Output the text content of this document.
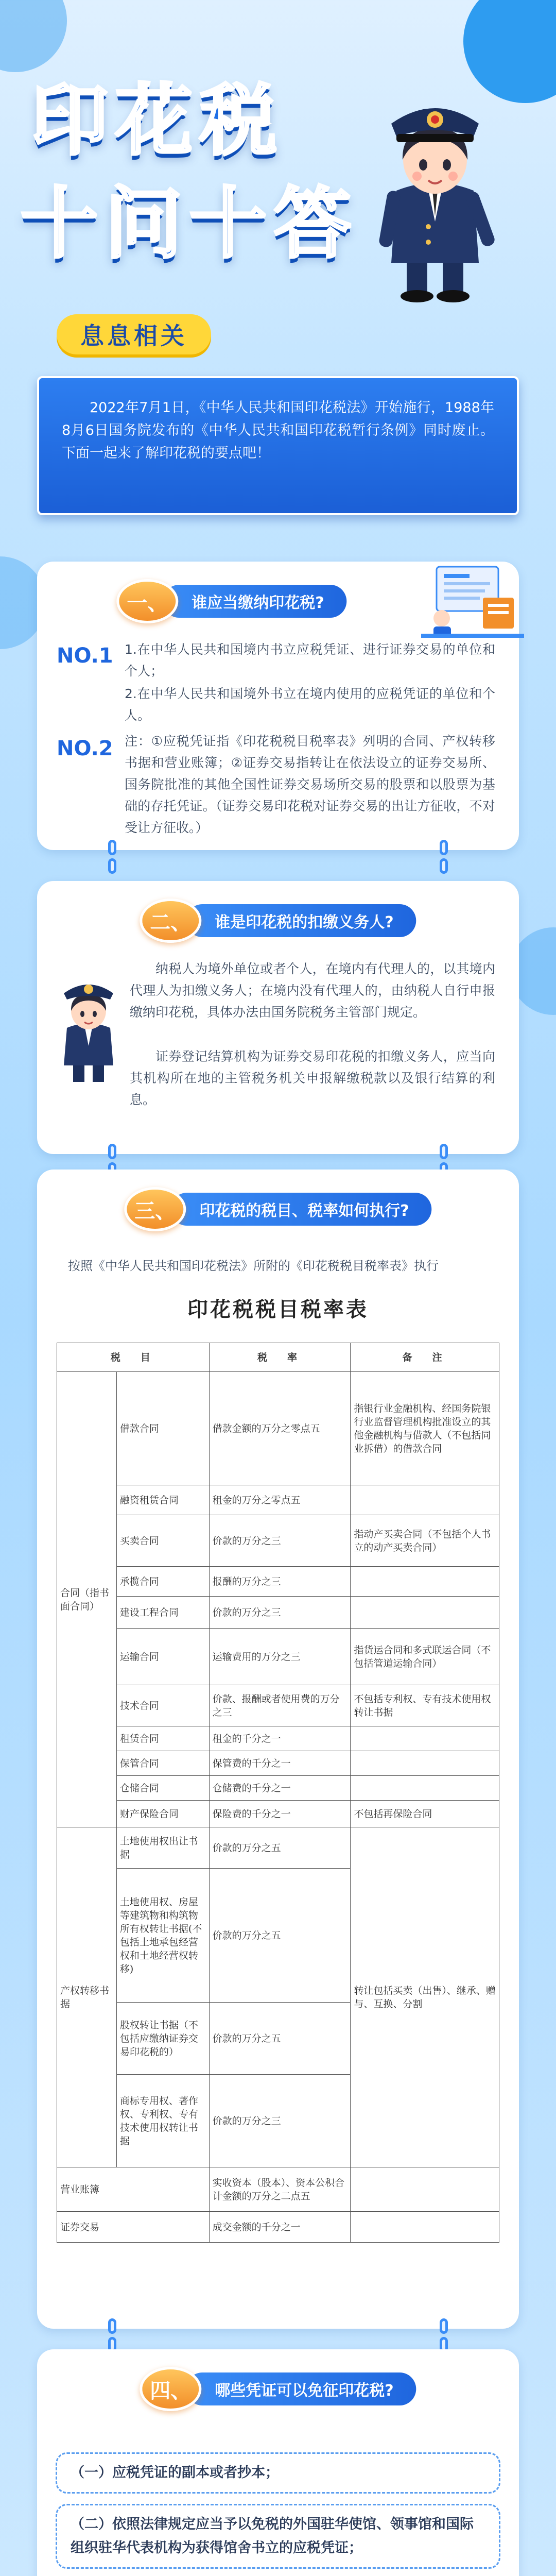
印花税
十问十答
息息相关
2022年7月1日，《中华人民共和国印花税法》开始施行，1988年8月6日国务院发布的《中华人民共和国印花税暂行条例》同时废止。下面一起来了解印花税的要点吧！
一、	谁应当缴纳印花税?
NO.1 1.在中华人民共和国境内书立应税凭证、进行证券交易的单位和个人；
2.在中华人民共和国境外书立在境内使用的应税凭证的单位和个人。
NO.2 注：①应税凭证指《印花税税目税率表》列明的合同、产权转移书据和营业账簿；②证券交易指转让在依法设立的证券交易所、国务院批准的其他全国性证券交易场所交易的股票和以股票为基础的存托凭证。（证券交易印花税对证券交易的出让方征收，不对受让方征收。）
二、	谁是印花税的扣缴义务人?
纳税人为境外单位或者个人，在境内有代理人的，以其境内代理人为扣缴义务人；在境内没有代理人的，由纳税人自行申报缴纳印花税，具体办法由国务院税务主管部门规定。
证券登记结算机构为证券交易印花税的扣缴义务人，应当向其机构所在地的主管税务机关申报解缴税款以及银行结算的利息。
三、	印花税的税目、税率如何执行?
按照《中华人民共和国印花税法》所附的《印花税税目税率表》执行
印花税税目税率表
税　目		税　率	备　注
合同（指书面合同）	借款合同	借款金额的万分之零点五	指银行业金融机构、经国务院银行业监督管理机构批准设立的其他金融机构与借款人（不包括同业拆借）的借款合同
	融资租赁合同	租金的万分之零点五	
	买卖合同	价款的万分之三	指动产买卖合同（不包括个人书立的动产买卖合同）
	承揽合同	报酬的万分之三	
	建设工程合同	价款的万分之三	
	运输合同	运输费用的万分之三	指货运合同和多式联运合同（不包括管道运输合同）
	技术合同	价款、报酬或者使用费的万分之三	不包括专利权、专有技术使用权转让书据
	租赁合同	租金的千分之一	
	保管合同	保管费的千分之一	
	仓储合同	仓储费的千分之一	
	财产保险合同	保险费的千分之一	不包括再保险合同
产权转移书据	土地使用权出让书据	价款的万分之五	转让包括买卖（出售）、继承、赠与、互换、分割
	土地使用权、房屋等建筑物和构筑物所有权转让书据(不包括土地承包经营权和土地经营权转移)	价款的万分之五	
	股权转让书据（不包括应缴纳证券交易印花税的）	价款的万分之五	
	商标专用权、著作权、专利权、专有技术使用权转让书据	价款的万分之三	
营业账簿		实收资本（股本）、资本公积合计金额的万分之二点五	
证券交易		成交金额的千分之一	
四、	哪些凭证可以免征印花税?
（一）应税凭证的副本或者抄本；
（二）依照法律规定应当予以免税的外国驻华使馆、领事馆和国际组织驻华代表机构为获得馆舍书立的应税凭证；
